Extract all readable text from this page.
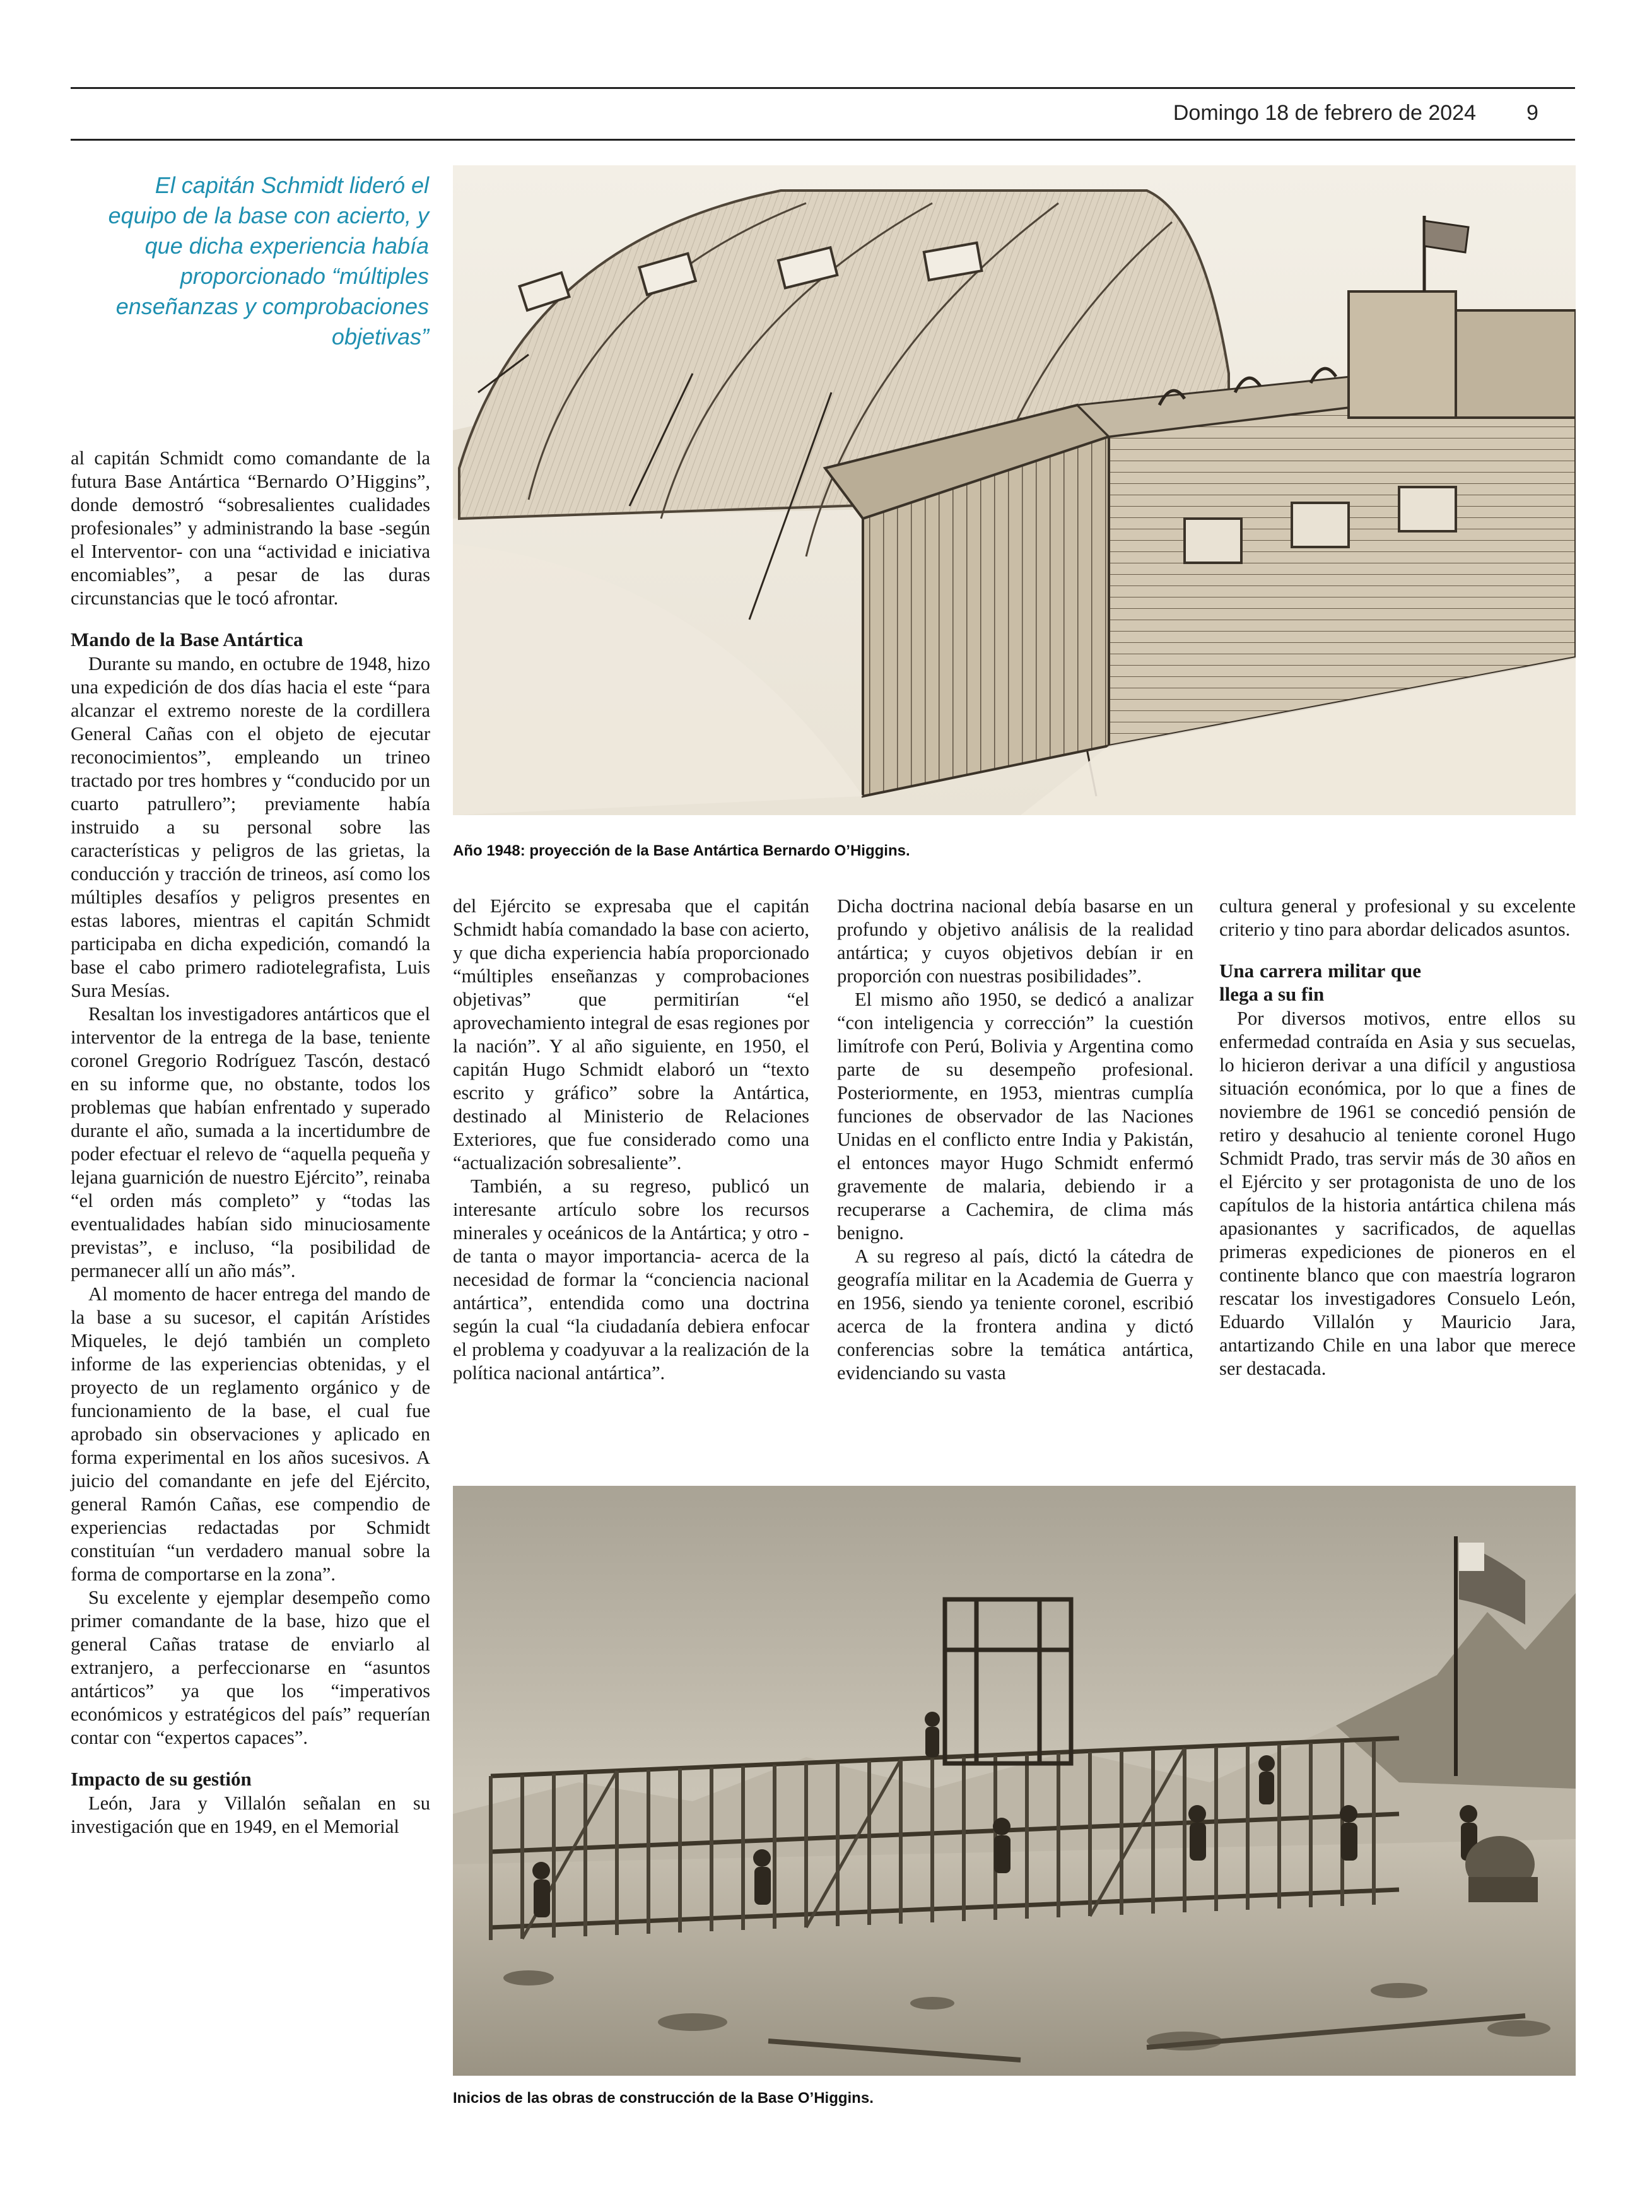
Domingo 18 de febrero de 2024 9
El capitán Schmidt lideró el equipo de la base con acierto, y que dicha experiencia había proporcionado “múltiples enseñanzas y comprobaciones objetivas”
Año 1948: proyección de la Base Antártica Bernardo O’Higgins.

al capitán Schmidt como comandante de la futura Base Antártica “Bernardo O’Higgins”, donde demostró “sobresalientes cualidades profesionales” y administrando la base -según el Interventor- con una “actividad e iniciativa encomiables”, a pesar de las duras circunstancias que le tocó afrontar.

Mando de la Base Antártica

Durante su mando, en octubre de 1948, hizo una expedición de dos días hacia el este “para alcanzar el extremo noreste de la cordillera General Cañas con el objeto de ejecutar reconocimientos”, empleando un trineo tractado por tres hombres y “conducido por un cuarto patrullero”; previamente había instruido a su personal sobre las características y peligros de las grietas, la conducción y tracción de trineos, así como los múltiples desafíos y peligros presentes en estas labores, mientras el capitán Schmidt participaba en dicha expedición, comandó la base el cabo primero radiotelegrafista, Luis Sura Mesías.

Resaltan los investigadores antárticos que el interventor de la entrega de la base, teniente coronel Gregorio Rodríguez Tascón, destacó en su informe que, no obstante, todos los problemas que habían enfrentado y superado durante el año, sumada a la incertidumbre de poder efectuar el relevo de “aquella pequeña y lejana guarnición de nuestro Ejército”, reinaba “el orden más completo” y “todas las eventualidades habían sido minuciosamente previstas”, e incluso, “la posibilidad de permanecer allí un año más”.

Al momento de hacer entrega del mando de la base a su sucesor, el capitán Arístides Miqueles, le dejó también un completo informe de las experiencias obtenidas, y el proyecto de un reglamento orgánico y de funcionamiento de la base, el cual fue aprobado sin observaciones y aplicado en forma experimental en los años sucesivos. A juicio del comandante en jefe del Ejército, general Ramón Cañas, ese compendio de experiencias redactadas por Schmidt constituían “un verdadero manual sobre la forma de comportarse en la zona”.

Su excelente y ejemplar desempeño como primer comandante de la base, hizo que el general Cañas tratase de enviarlo al extranjero, a perfeccionarse en “asuntos antárticos” ya que los “imperativos económicos y estratégicos del país” requerían contar con “expertos capaces”.

Impacto de su gestión

León, Jara y Villalón señalan en su investigación que en 1949, en el Memorial

del Ejército se expresaba que el capitán Schmidt había comandado la base con acierto, y que dicha experiencia había proporcionado “múltiples enseñanzas y comprobaciones objetivas” que permitirían “el aprovechamiento integral de esas regiones por la nación”. Y al año siguiente, en 1950, el capitán Hugo Schmidt elaboró un “texto escrito y gráfico” sobre la Antártica, destinado al Ministerio de Relaciones Exteriores, que fue considerado como una “actualización sobresaliente”.

También, a su regreso, publicó un interesante artículo sobre los recursos minerales y oceánicos de la Antártica; y otro -de tanta o mayor importancia- acerca de la necesidad de formar la “conciencia nacional antártica”, entendida como una doctrina según la cual “la ciudadanía debiera enfocar el problema y coadyuvar a la realización de la política nacional antártica”.

Dicha doctrina nacional debía basarse en un profundo y objetivo análisis de la realidad antártica; y cuyos objetivos debían ir en proporción con nuestras posibilidades”.

El mismo año 1950, se dedicó a analizar “con inteligencia y corrección” la cuestión limítrofe con Perú, Bolivia y Argentina como parte de su desempeño profesional. Posteriormente, en 1953, mientras cumplía funciones de observador de las Naciones Unidas en el conflicto entre India y Pakistán, el entonces mayor Hugo Schmidt enfermó gravemente de malaria, debiendo ir a recuperarse a Cachemira, de clima más benigno.

A su regreso al país, dictó la cátedra de geografía militar en la Academia de Guerra y en 1956, siendo ya teniente coronel, escribió acerca de la frontera andina y dictó conferencias sobre la temática antártica, evidenciando su vasta

cultura general y profesional y su excelente criterio y tino para abordar delicados asuntos.

Una carrera militar que llega a su fin

Por diversos motivos, entre ellos su enfermedad contraída en Asia y sus secuelas, lo hicieron derivar a una difícil y angustiosa situación económica, por lo que a fines de noviembre de 1961 se concedió pensión de retiro y desahucio al teniente coronel Hugo Schmidt Prado, tras servir más de 30 años en el Ejército y ser protagonista de uno de los capítulos de la historia antártica chilena más apasionantes y sacrificados, de aquellas primeras expediciones de pioneros en el continente blanco que con maestría lograron rescatar los investigadores Consuelo León, Eduardo Villalón y Mauricio Jara, antartizando Chile en una labor que merece ser destacada.

Inicios de las obras de construcción de la Base O’Higgins.
